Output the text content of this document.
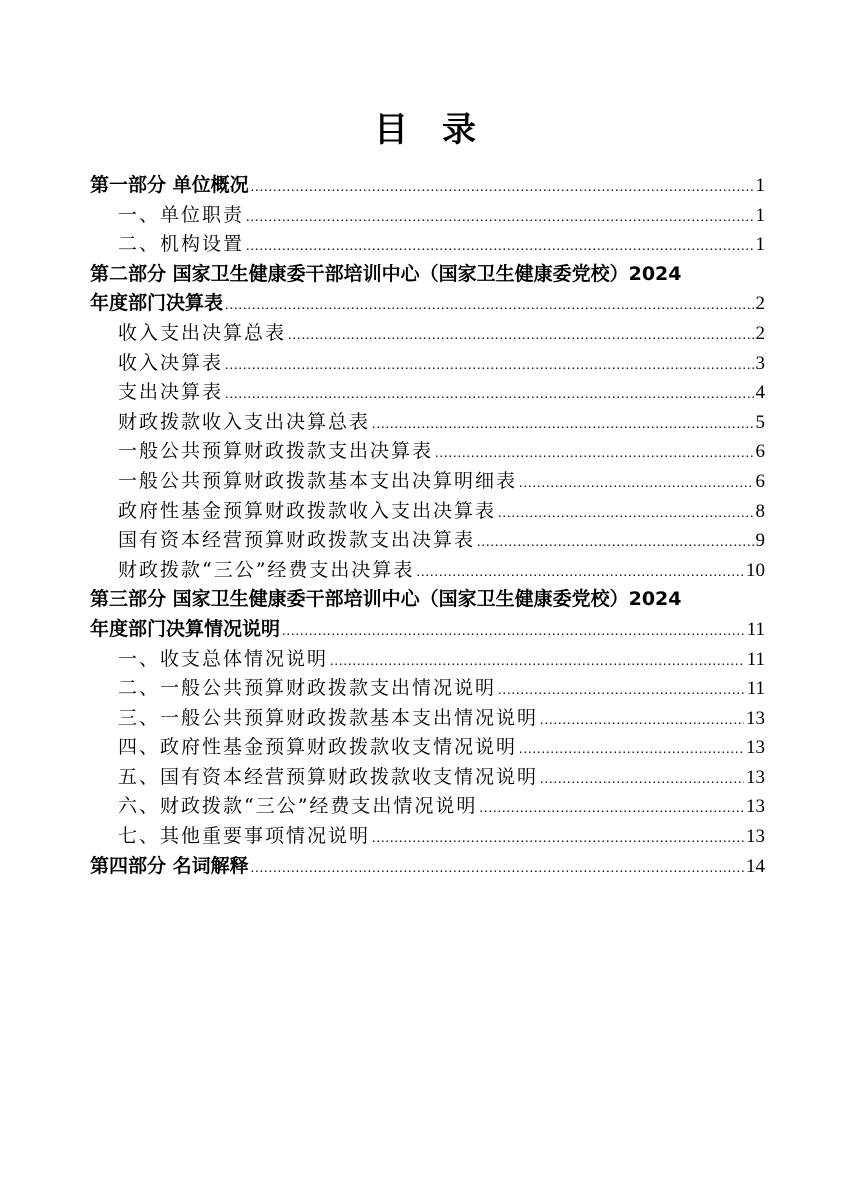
目录
第一部分 单位概况 .....	1
一、单位职责 .....	1
二、机构设置 .....	1
第二部分 国家卫生健康委干部培训中心（国家卫生健康委党校）2024
年度部门决算表 .....	2
收入支出决算总表 .....	2
收入决算表 .....	3
支出决算表 .....	4
财政拨款收入支出决算总表 .....	5
一般公共预算财政拨款支出决算表 .....	6
一般公共预算财政拨款基本支出决算明细表 .....	6
政府性基金预算财政拨款收入支出决算表 .....	8
国有资本经营预算财政拨款支出决算表 .....	9
财政拨款“三公”经费支出决算表 .....	10
第三部分 国家卫生健康委干部培训中心（国家卫生健康委党校）2024
年度部门决算情况说明 .....	11
一、收支总体情况说明 .....	11
二、一般公共预算财政拨款支出情况说明 .....	11
三、一般公共预算财政拨款基本支出情况说明 .....	13
四、政府性基金预算财政拨款收支情况说明 .....	13
五、国有资本经营预算财政拨款收支情况说明 .....	13
六、财政拨款“三公”经费支出情况说明 .....	13
七、其他重要事项情况说明 .....	13
第四部分 名词解释 .....	14
